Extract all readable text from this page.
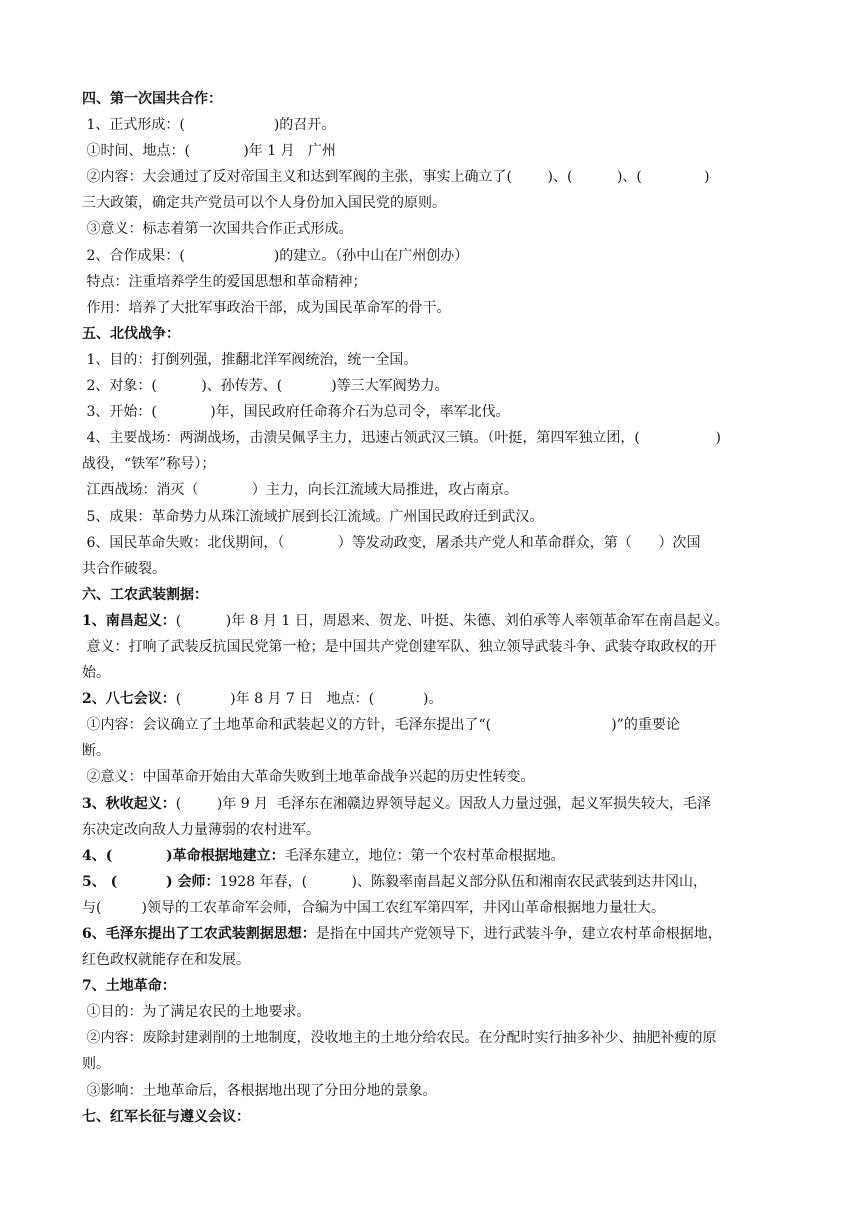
四、第一次国共合作：
1、正式形成：(                    )的召开。
①时间、地点：(            )年 1 月   广州
②内容：大会通过了反对帝国主义和达到军阀的主张，事实上确立了(        )、(          )、(              )
三大政策，确定共产党员可以个人身份加入国民党的原则。
③意义：标志着第一次国共合作正式形成。
2、合作成果：(                    )的建立。（孙中山在广州创办）
特点：注重培养学生的爱国思想和革命精神；
作用：培养了大批军事政治干部，成为国民革命军的骨干。
五、北伐战争：
1、目的：打倒列强，推翻北洋军阀统治，统一全国。
2、对象：(          )、孙传芳、(           )等三大军阀势力。
3、开始：(            )年，国民政府任命蒋介石为总司令，率军北伐。
4、主要战场：两湖战场，击溃吴佩孚主力，迅速占领武汉三镇。（叶挺，第四军独立团，(                 )
战役，“铁军”称号）；
江西战场：消灭（            ）主力，向长江流域大局推进，攻占南京。
5、成果：革命势力从珠江流域扩展到长江流域。广州国民政府迁到武汉。
6、国民革命失败：北伐期间，（            ）等发动政变，屠杀共产党人和革命群众，第（      ）次国
共合作破裂。
六、工农武装割据：
1、南昌起义：(          )年 8 月 1 日，周恩来、贺龙、叶挺、朱德、刘伯承等人率领革命军在南昌起义。
意义：打响了武装反抗国民党第一枪；是中国共产党创建军队、独立领导武装斗争、武装夺取政权的开
始。
2、八七会议：(           )年 8 月 7 日   地点：(           )。
①内容：会议确立了土地革命和武装起义的方针，毛泽东提出了“(                           )”的重要论
断。
②意义：中国革命开始由大革命失败到土地革命战争兴起的历史性转变。
3、秋收起义：(        )年 9 月  毛泽东在湘赣边界领导起义。因敌人力量过强，起义军损失较大，毛泽
东决定改向敌人力量薄弱的农村进军。
4、(           )革命根据地建立：毛泽东建立，地位：第一个农村革命根据地。
5、 (          ) 会师：1928 年春，(          )、陈毅率南昌起义部分队伍和湘南农民武装到达井冈山，
与(         )领导的工农革命军会师，合编为中国工农红军第四军，井冈山革命根据地力量壮大。
6、毛泽东提出了工农武装割据思想：是指在中国共产党领导下，进行武装斗争，建立农村革命根据地，
红色政权就能存在和发展。
7、土地革命：
①目的：为了满足农民的土地要求。
②内容：废除封建剥削的土地制度，没收地主的土地分给农民。在分配时实行抽多补少、抽肥补瘦的原
则。
③影响：土地革命后，各根据地出现了分田分地的景象。
七、红军长征与遵义会议：
